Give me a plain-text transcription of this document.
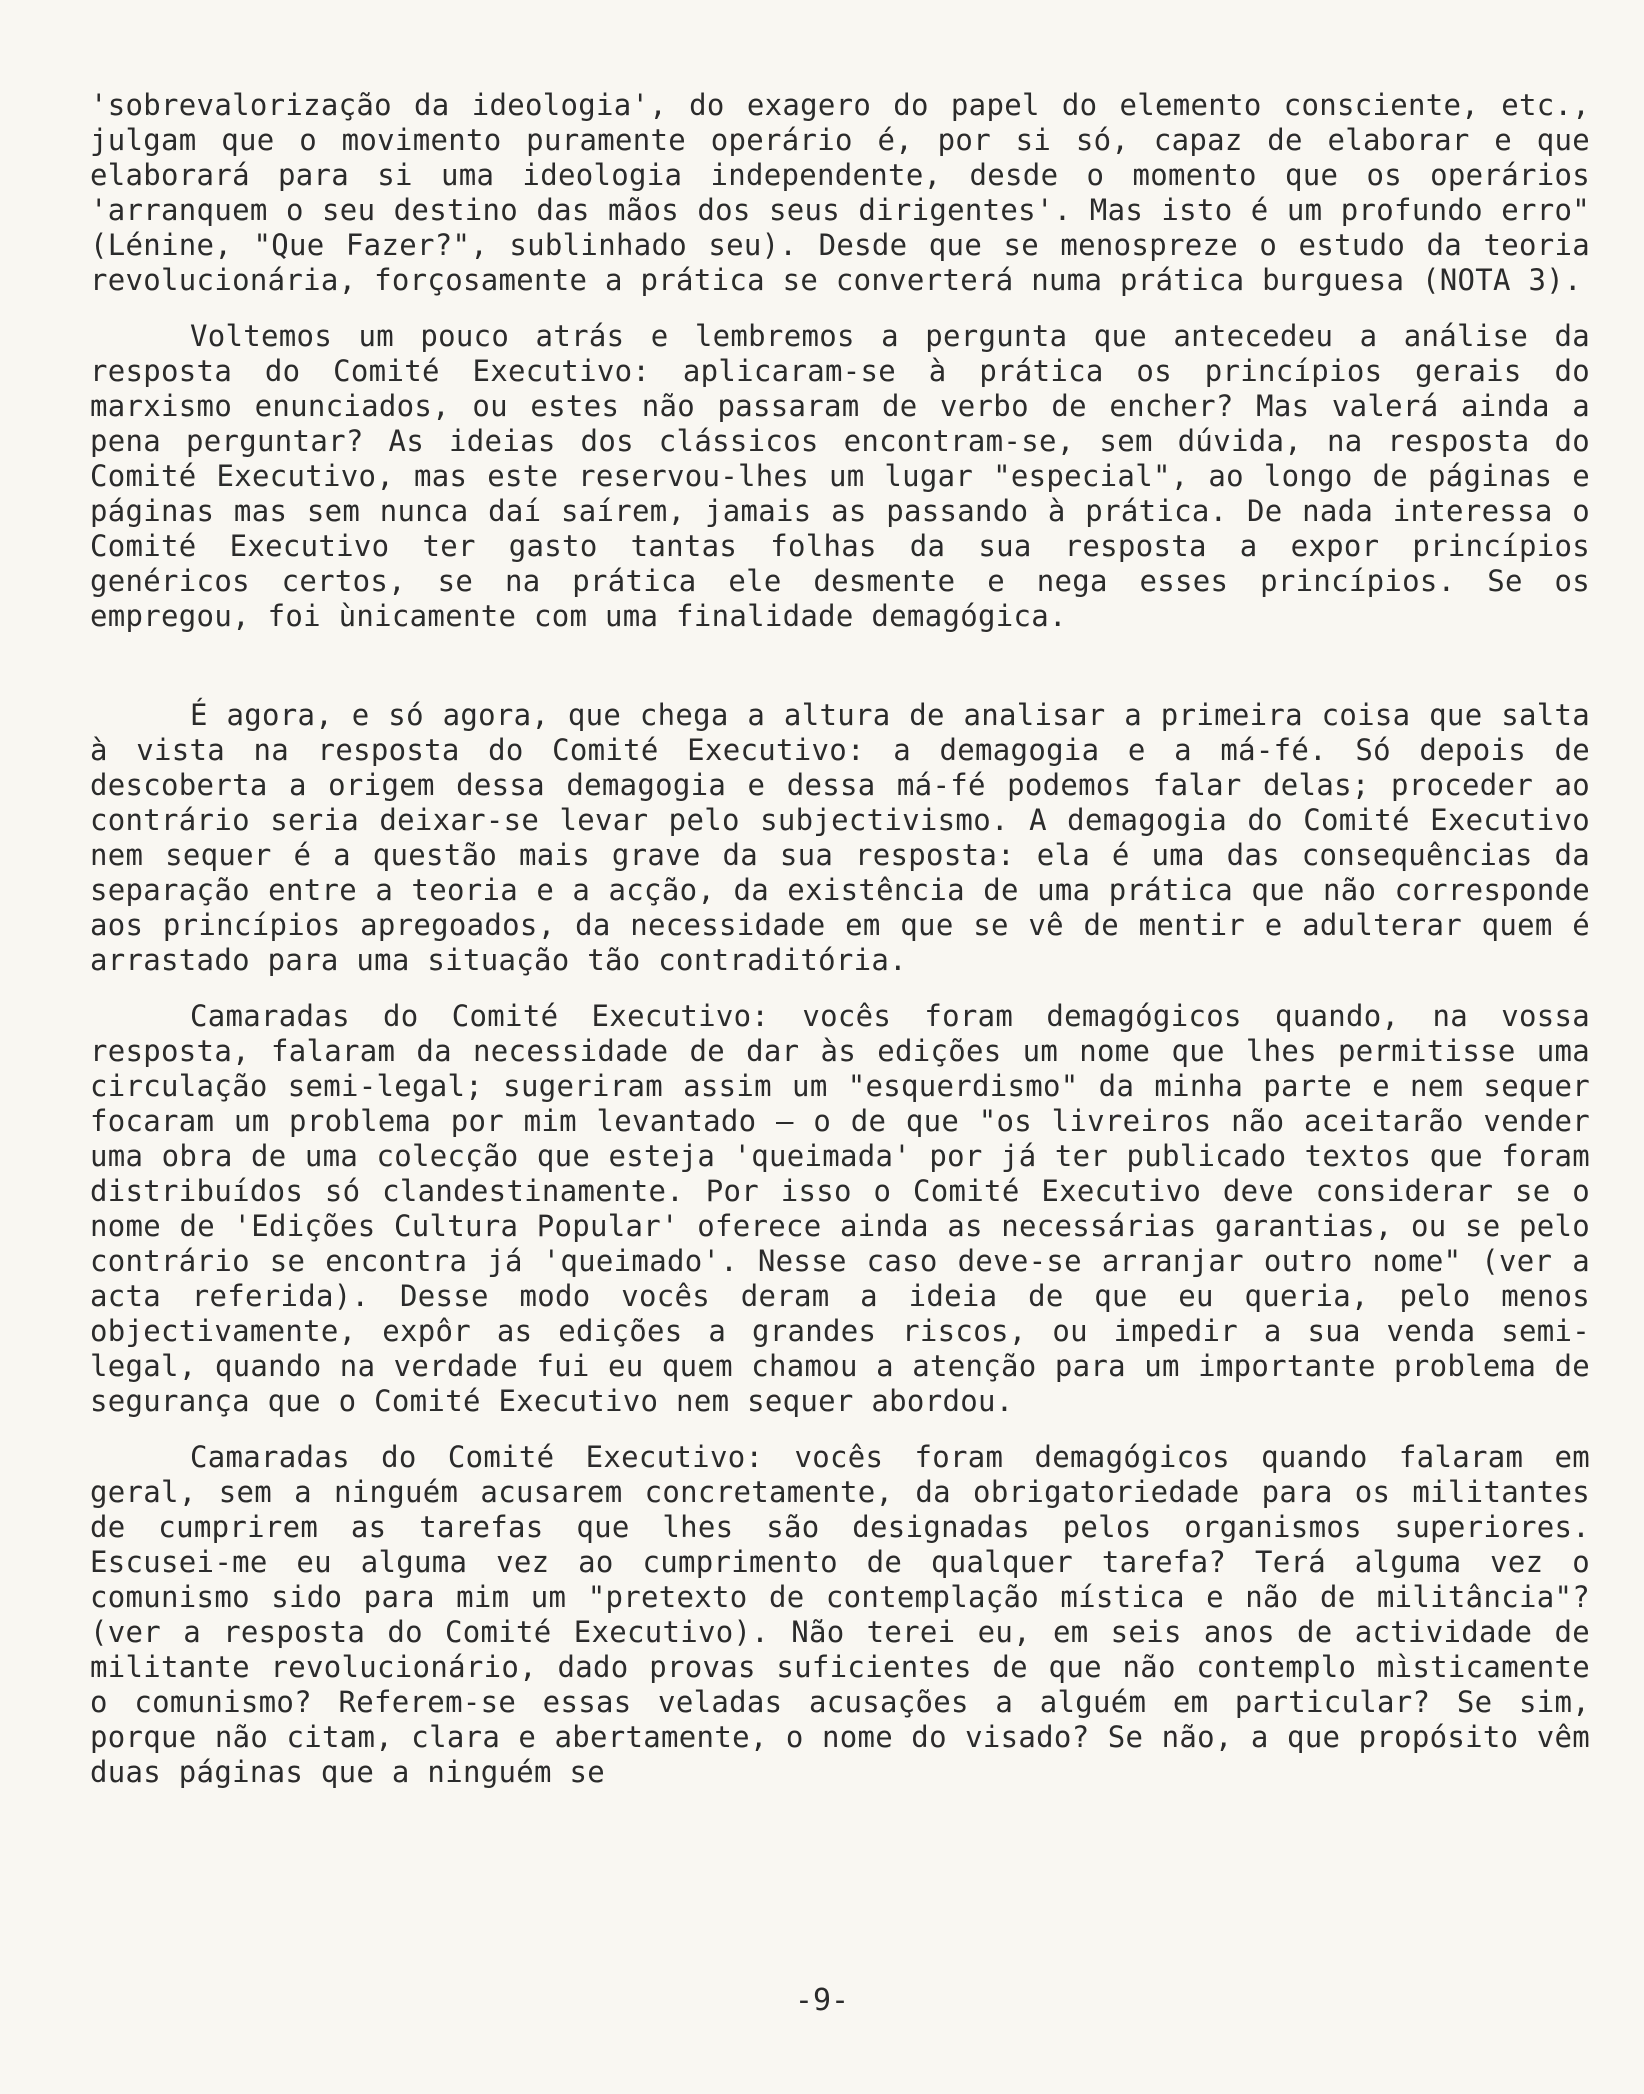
'sobrevalorização da ideologia', do exagero do papel do elemento consciente, etc., julgam que o movimento puramente operário é, por si só, capaz de elaborar e que elaborará para si uma ideologia independente, desde o momento que os operários 'arranquem o seu destino das mãos dos seus dirigentes'. Mas isto é um profundo erro" (Lénine, "Que Fazer?", sublinhado seu). Desde que se menospreze o estudo da teoria revolucionária, forçosamente a prática se converterá numa prática burguesa (NOTA 3).

Voltemos um pouco atrás e lembremos a pergunta que antecedeu a análise da resposta do Comité Executivo: aplicaram-se à prática os princípios gerais do marxismo enunciados, ou estes não passaram de verbo de encher? Mas valerá ainda a pena perguntar? As ideias dos clássicos encontram-se, sem dúvida, na resposta do Comité Executivo, mas este reservou-lhes um lugar "especial", ao longo de páginas e páginas mas sem nunca daí saírem, jamais as passando à prática. De nada interessa o Comité Executivo ter gasto tantas folhas da sua resposta a expor princípios genéricos certos, se na prática ele desmente e nega esses princípios. Se os empregou, foi ùnicamente com uma finalidade demagógica.

É agora, e só agora, que chega a altura de analisar a primeira coisa que salta à vista na resposta do Comité Executivo: a demagogia e a má-fé. Só depois de descoberta a origem dessa demagogia e dessa má-fé podemos falar delas; proceder ao contrário seria deixar-se levar pelo subjectivismo. A demagogia do Comité Executivo nem sequer é a questão mais grave da sua resposta: ela é uma das consequências da separação entre a teoria e a acção, da existência de uma prática que não corresponde aos princípios apregoados, da necessidade em que se vê de mentir e adulterar quem é arrastado para uma situação tão contraditória.

Camaradas do Comité Executivo: vocês foram demagógicos quando, na vossa resposta, falaram da necessidade de dar às edições um nome que lhes permitisse uma circulação semi-legal; sugeriram assim um "esquerdismo" da minha parte e nem sequer focaram um problema por mim levantado — o de que "os livreiros não aceitarão vender uma obra de uma colecção que esteja 'queimada' por já ter publicado textos que foram distribuídos só clandestinamente. Por isso o Comité Executivo deve considerar se o nome de 'Edições Cultura Popular' oferece ainda as necessárias garantias, ou se pelo contrário se encontra já 'queimado'. Nesse caso deve-se arranjar outro nome" (ver a acta referida). Desse modo vocês deram a ideia de que eu queria, pelo menos objectivamente, expôr as edições a grandes riscos, ou impedir a sua venda semi-legal, quando na verdade fui eu quem chamou a atenção para um importante problema de segurança que o Comité Executivo nem sequer abordou.

Camaradas do Comité Executivo: vocês foram demagógicos quando falaram em geral, sem a ninguém acusarem concretamente, da obrigatoriedade para os militantes de cumprirem as tarefas que lhes são designadas pelos organismos superiores. Escusei-me eu alguma vez ao cumprimento de qualquer tarefa? Terá alguma vez o comunismo sido para mim um "pretexto de contemplação mística e não de militância"? (ver a resposta do Comité Executivo). Não terei eu, em seis anos de actividade de militante revolucionário, dado provas suficientes de que não contemplo mìsticamente o comunismo? Referem-se essas veladas acusações a alguém em particular? Se sim, porque não citam, clara e abertamente, o nome do visado? Se não, a que propósito vêm duas páginas que a ninguém se

-9-
